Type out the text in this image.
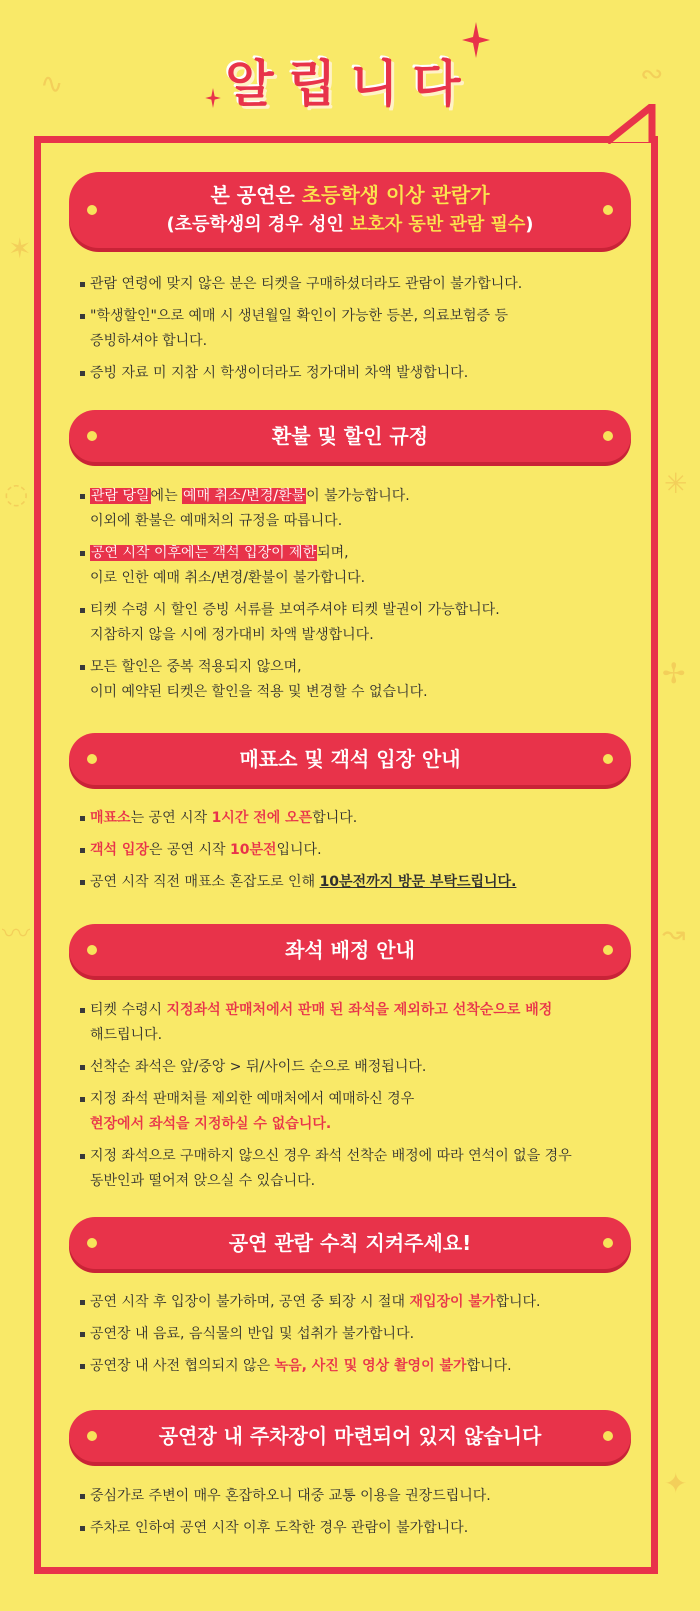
∿
✶
◌
〰
✳
✢
↝
✦
∾
알립니다
본 공연은 초등학생 이상 관람가
(초등학생의 경우 성인 보호자 동반 관람 필수)
관람 연령에 맞지 않은 분은 티켓을 구매하셨더라도 관람이 불가합니다.
"학생할인"으로 예매 시 생년월일 확인이 가능한 등본, 의료보험증 등
증빙하셔야 합니다.
증빙 자료 미 지참 시 학생이더라도 정가대비 차액 발생합니다.
환불 및 할인 규정
관람 당일에는 예매 취소/변경/환불이 불가능합니다.
이외에 환불은 예매처의 규정을 따릅니다.
공연 시작 이후에는 객석 입장이 제한되며,
이로 인한 예매 취소/변경/환불이 불가합니다.
티켓 수령 시 할인 증빙 서류를 보여주셔야 티켓 발권이 가능합니다.
지참하지 않을 시에 정가대비 차액 발생합니다.
모든 할인은 중복 적용되지 않으며,
이미 예약된 티켓은 할인을 적용 및 변경할 수 없습니다.
매표소 및 객석 입장 안내
매표소는 공연 시작 1시간 전에 오픈합니다.
객석 입장은 공연 시작 10분전입니다.
공연 시작 직전 매표소 혼잡도로 인해 10분전까지 방문 부탁드립니다.
좌석 배정 안내
티켓 수령시 지정좌석 판매처에서 판매 된 좌석을 제외하고 선착순으로 배정
해드립니다.
선착순 좌석은 앞/중앙 > 뒤/사이드 순으로 배정됩니다.
지정 좌석 판매처를 제외한 예매처에서 예매하신 경우
현장에서 좌석을 지정하실 수 없습니다.
지정 좌석으로 구매하지 않으신 경우 좌석 선착순 배정에 따라 연석이 없을 경우
동반인과 떨어져 앉으실 수 있습니다.
공연 관람 수칙 지켜주세요!
공연 시작 후 입장이 불가하며, 공연 중 퇴장 시 절대 재입장이 불가합니다.
공연장 내 음료, 음식물의 반입 및 섭취가 불가합니다.
공연장 내 사전 협의되지 않은 녹음, 사진 및 영상 촬영이 불가합니다.
공연장 내 주차장이 마련되어 있지 않습니다
중심가로 주변이 매우 혼잡하오니 대중 교통 이용을 권장드립니다.
주차로 인하여 공연 시작 이후 도착한 경우 관람이 불가합니다.
